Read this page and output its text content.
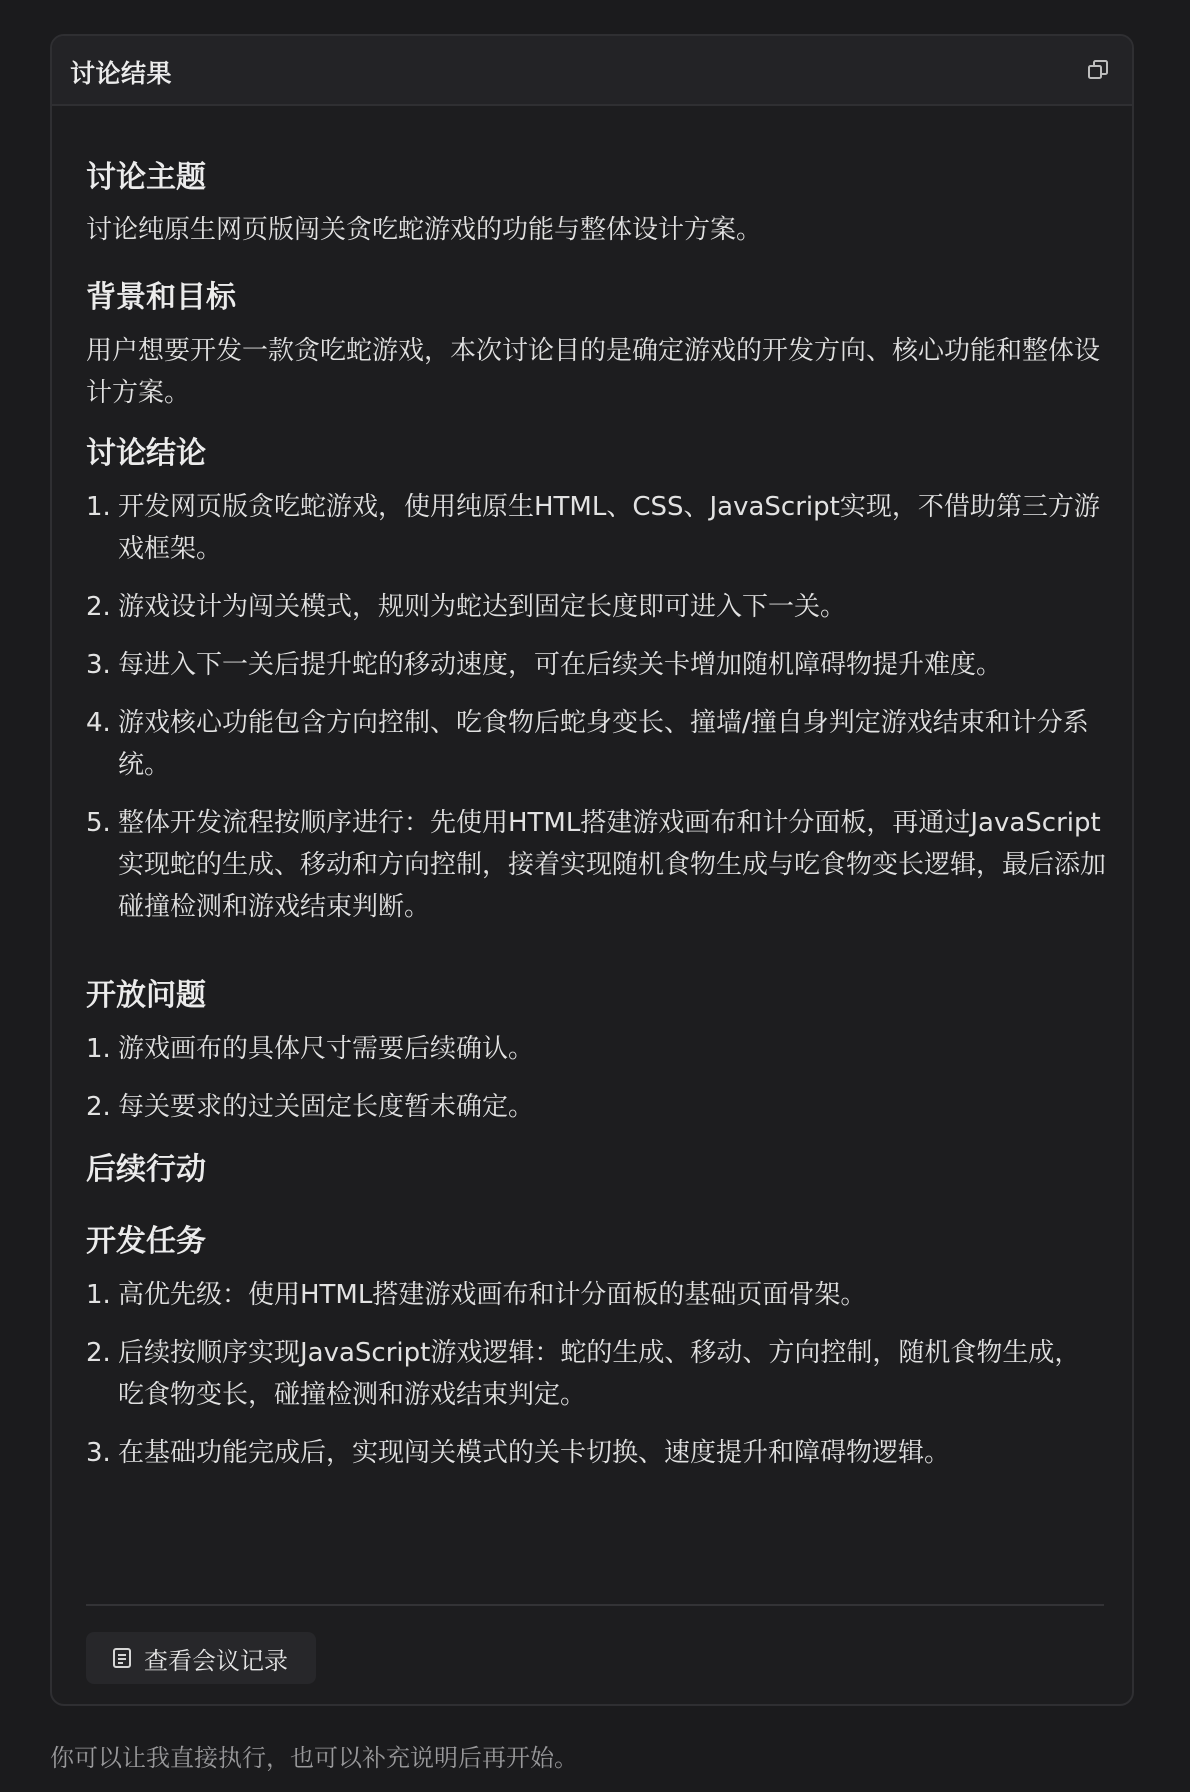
讨论结果
讨论主题

讨论纯原生网页版闯关贪吃蛇游戏的功能与整体设计方案。

背景和目标

用户想要开发一款贪吃蛇游戏，本次讨论目的是确定游戏的开发方向、核心功能和整体设计方案。

讨论结论
1. 开发网页版贪吃蛇游戏，使用纯原生HTML、CSS、JavaScript实现，不借助第三方游戏框架。
2. 游戏设计为闯关模式，规则为蛇达到固定长度即可进入下一关。
3. 每进入下一关后提升蛇的移动速度，可在后续关卡增加随机障碍物提升难度。
4. 游戏核心功能包含方向控制、吃食物后蛇身变长、撞墙/撞自身判定游戏结束和计分系统。
5. 整体开发流程按顺序进行：先使用HTML搭建游戏画布和计分面板，再通过JavaScript实现蛇的生成、移动和方向控制，接着实现随机食物生成与吃食物变长逻辑，最后添加碰撞检测和游戏结束判断。
开放问题
1. 游戏画布的具体尺寸需要后续确认。
2. 每关要求的过关固定长度暂未确定。
后续行动
开发任务
1. 高优先级：使用HTML搭建游戏画布和计分面板的基础页面骨架。
2. 后续按顺序实现JavaScript游戏逻辑：蛇的生成、移动、方向控制，随机食物生成，吃食物变长，碰撞检测和游戏结束判定。
3. 在基础功能完成后，实现闯关模式的关卡切换、速度提升和障碍物逻辑。
查看会议记录
你可以让我直接执行，也可以补充说明后再开始。
